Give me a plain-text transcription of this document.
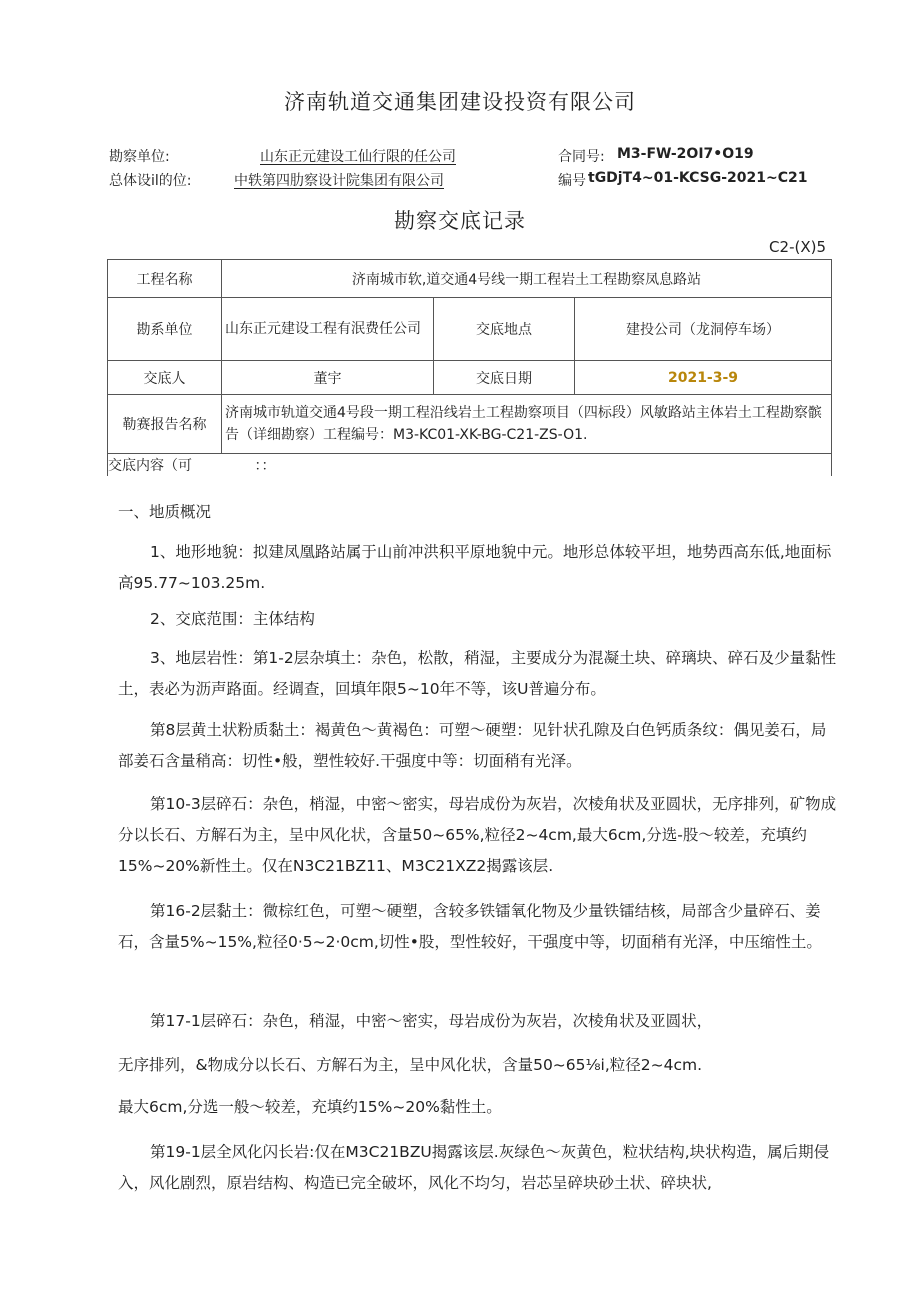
济南轨道交通集团建设投资有限公司
勘察单位:	山东正元建设工仙行限的任公司	合同号: M3-FW-2OI7•O19
总体设il的位:	中轶第四肋察设计院集团有限公司	编号 tGDjT4~01-KCSG-2021~C21
勘察交底记录
C2-(X)5
工程名称	济南城市软,道交通4号线一期工程岩土工程勘察凤息路站		
勘系单位	山东正元建设工程有泯费任公司	交底地点	建投公司（龙洞停车场）
交底人	董宇	交底日期	2021-3-9
勒赛报告名称	济南城市轨道交通4号段一期工程沿线岩土工程勘察项目（四标段）风敏路站主体岩土工程勘察髌告（详细勘察）工程编号：M3-KC01-XK-BG-C21-ZS-O1.		
交底内容（可	：：		
一、地质概况
1、地形地貌：拟建凤凰路站属于山前冲洪积平原地貌中元。地形总体较平坦，地势西高东低,地面标高95.77~103.25m.
2、交底范围：主体结构
3、地层岩性：第1-2层杂填土：杂色，松散，稍湿，主要成分为混凝土块、碎璃块、碎石及少量黏性土，表必为沥声路面。经调查，回填年限5~10年不等，该U普遍分布。
第8层黄土状粉质黏土：褐黄色～黄褐色：可塑～硬塑：见针状孔隙及白色钙质条纹：偶见姜石，局部姜石含量稍高：切性•般，塑性较好.干强度中等：切面稍有光泽。
第10-3层碎石：杂色，梢湿，中密～密实，母岩成份为灰岩，次棱角状及亚圆状，无序排列，矿物成分以长石、方解石为主，呈中风化状，含量50~65%,粒径2~4cm,最大6cm,分选-股～较差，充填约15%~20%新性土。仅在N3C21BZ11、M3C21XZ2揭露该层.
第16-2层黏土：微棕红色，可塑～硬塑，含较多铁镭氧化物及少量铁镭结核，局部含少量碎石、姜石，含量5%~15%,粒径0·5~2·0cm,切性•股，型性较好，干强度中等，切面稍有光泽，中压缩性土。
第17-1层碎石：杂色，稍湿，中密～密实，母岩成份为灰岩，次棱角状及亚圆状，
无序排列，&物成分以长石、方解石为主，呈中风化状，含量50~65⅛i,粒径2~4cm.
最大6cm,分选一般～较差，充填约15%~20%黏性土。
第19-1层全风化闪长岩:仅在M3C21BZU揭露该层.灰绿色～灰黄色，粒状结构,块状构造，属后期侵入，风化剧烈，原岩结构、构造已完全破坏，风化不均匀，岩芯呈碎块砂土状、碎块状,
